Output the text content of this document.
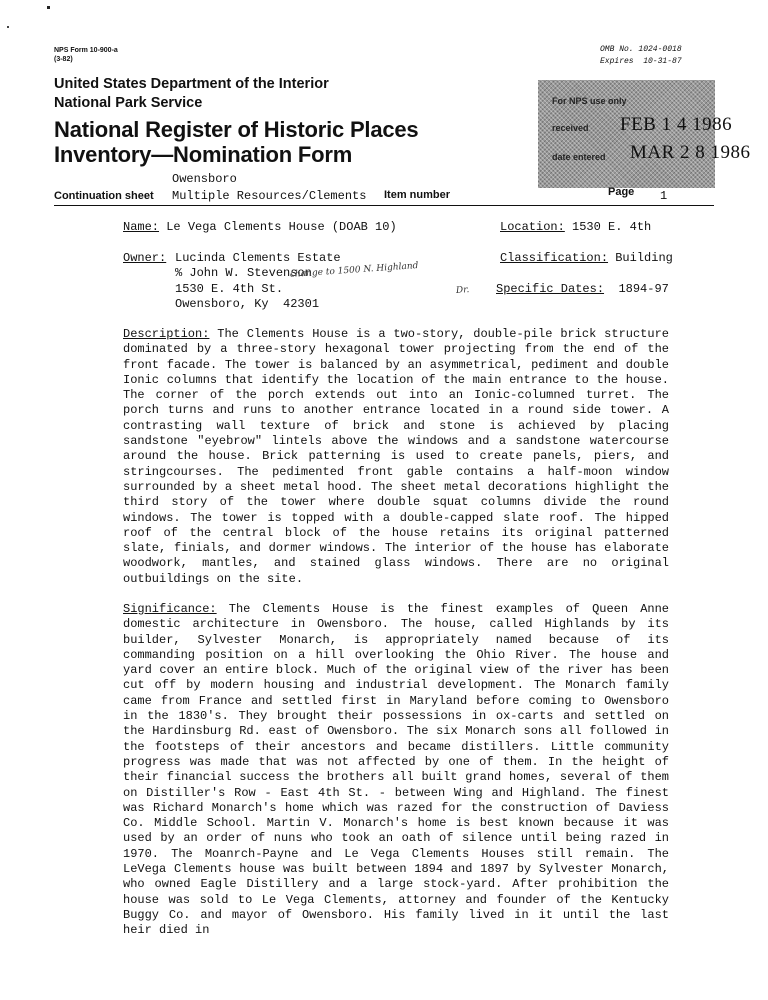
NPS Form 10-900-a
(3-82)
OMB No. 1024-0018
Expires  10-31-87
United States Department of the Interior
National Park Service
National Register of Historic Places
Inventory—Nomination Form
For NPS use only
received FEB 1 4 1986
date entered MAR 2 8 1986
Owensboro
Continuation sheet Multiple Resources/Clements Item number	Page 1
Name: Le Vega Clements House (DOAB 10)	Location: 1530 E. 4th
Owner: Lucinda Clements Estate
% John W. Stevenson
1530 E. 4th St.
Owensboro, Ky  42301
change to 1500 N. Highland
Dr.
Classification: Building
Specific Dates: 1894-97

Description: The Clements House is a two-story, double-pile brick structure dominated by a three-story hexagonal tower projecting from the end of the front facade. The tower is balanced by an asymmetrical, pediment and double Ionic columns that identify the location of the main entrance to the house. The corner of the porch extends out into an Ionic-columned turret. The porch turns and runs to another entrance located in a round side tower. A contrasting wall texture of brick and stone is achieved by placing sandstone "eyebrow" lintels above the windows and a sandstone watercourse around the house. Brick patterning is used to create panels, piers, and stringcourses. The pedimented front gable contains a half-moon window surrounded by a sheet metal hood. The sheet metal decorations highlight the third story of the tower where double squat columns divide the round windows. The tower is topped with a double-capped slate roof. The hipped roof of the central block of the house retains its original patterned slate, finials, and dormer windows. The interior of the house has elaborate woodwork, mantles, and stained glass windows. There are no original outbuildings on the site.

Significance: The Clements House is the finest examples of Queen Anne domestic architecture in Owensboro. The house, called Highlands by its builder, Sylvester Monarch, is appropriately named because of its commanding position on a hill overlooking the Ohio River. The house and yard cover an entire block. Much of the original view of the river has been cut off by modern housing and industrial development. The Monarch family came from France and settled first in Maryland before coming to Owensboro in the 1830's. They brought their possessions in ox-carts and settled on the Hardinsburg Rd. east of Owensboro. The six Monarch sons all followed in the footsteps of their ancestors and became distillers. Little community progress was made that was not affected by one of them. In the height of their financial success the brothers all built grand homes, several of them on Distiller's Row - East 4th St. - between Wing and Highland. The finest was Richard Monarch's home which was razed for the construction of Daviess Co. Middle School. Martin V. Monarch's home is best known because it was used by an order of nuns who took an oath of silence until being razed in 1970. The Moanrch-Payne and Le Vega Clements Houses still remain. The LeVega Clements house was built between 1894 and 1897 by Sylvester Monarch, who owned Eagle Distillery and a large stock-yard. After prohibition the house was sold to Le Vega Clements, attorney and founder of the Kentucky Buggy Co. and mayor of Owensboro. His family lived in it until the last heir died in
